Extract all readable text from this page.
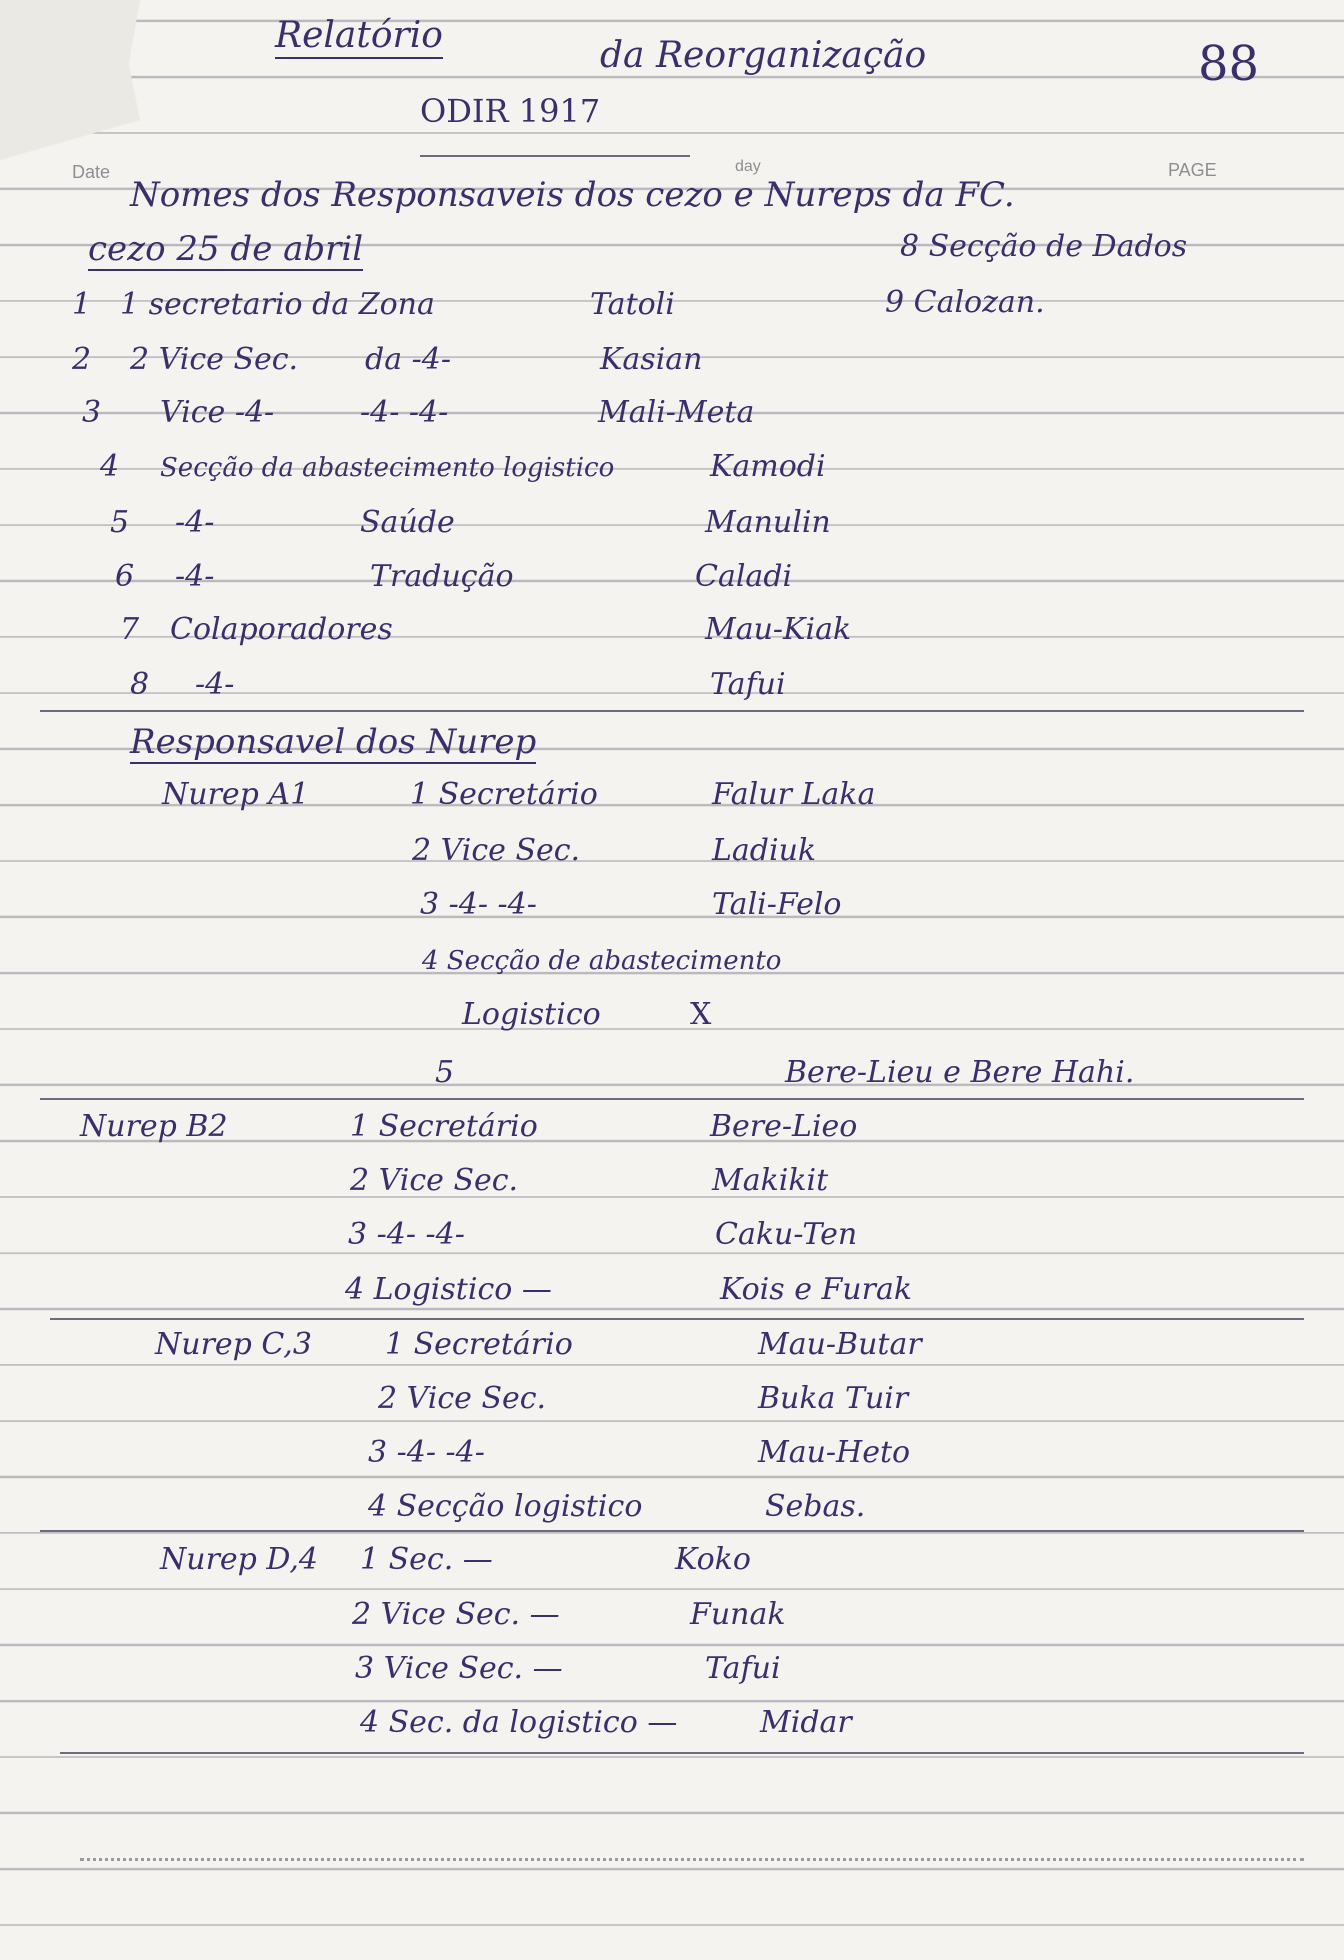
Date	day	PAGE
Relatório	da Reorganização
ODIR 1917
88
Nomes dos Responsaveis dos cezo e Nureps da FC.
cezo 25 de abril	8 Secção de Dados
9 Calozan.
1 1 secretario da Zona	Tatoli
2 2 Vice Sec. da -4-	Kasian
3 Vice -4-	-4- -4-	Mali-Meta
4 Secção da abastecimento logistico	Kamodi
5 -4-	Saúde	Manulin
6 -4-	Tradução	Caladi
7 Colaporadores	Mau-Kiak
8 -4-	Tafui
Responsavel dos Nurep
Nurep A1	1 Secretário	Falur Laka
2 Vice Sec.	Ladiuk
3 -4- -4-	Tali-Felo
4 Secção de abastecimento
Logistico	X
5	Bere-Lieu e Bere Hahi.
Nurep B2	1 Secretário	Bere-Lieo
2 Vice Sec.	Makikit
3 -4- -4-	Caku-Ten
4 Logistico —	Kois e Furak
Nurep C,3 1 Secretário	Mau-Butar
2 Vice Sec.	Buka Tuir
3 -4- -4-	Mau-Heto
4 Secção logistico	Sebas.
Nurep D,4 1 Sec. —	Koko
2 Vice Sec. —	Funak
3 Vice Sec. —	Tafui
4 Sec. da logistico —	Midar
